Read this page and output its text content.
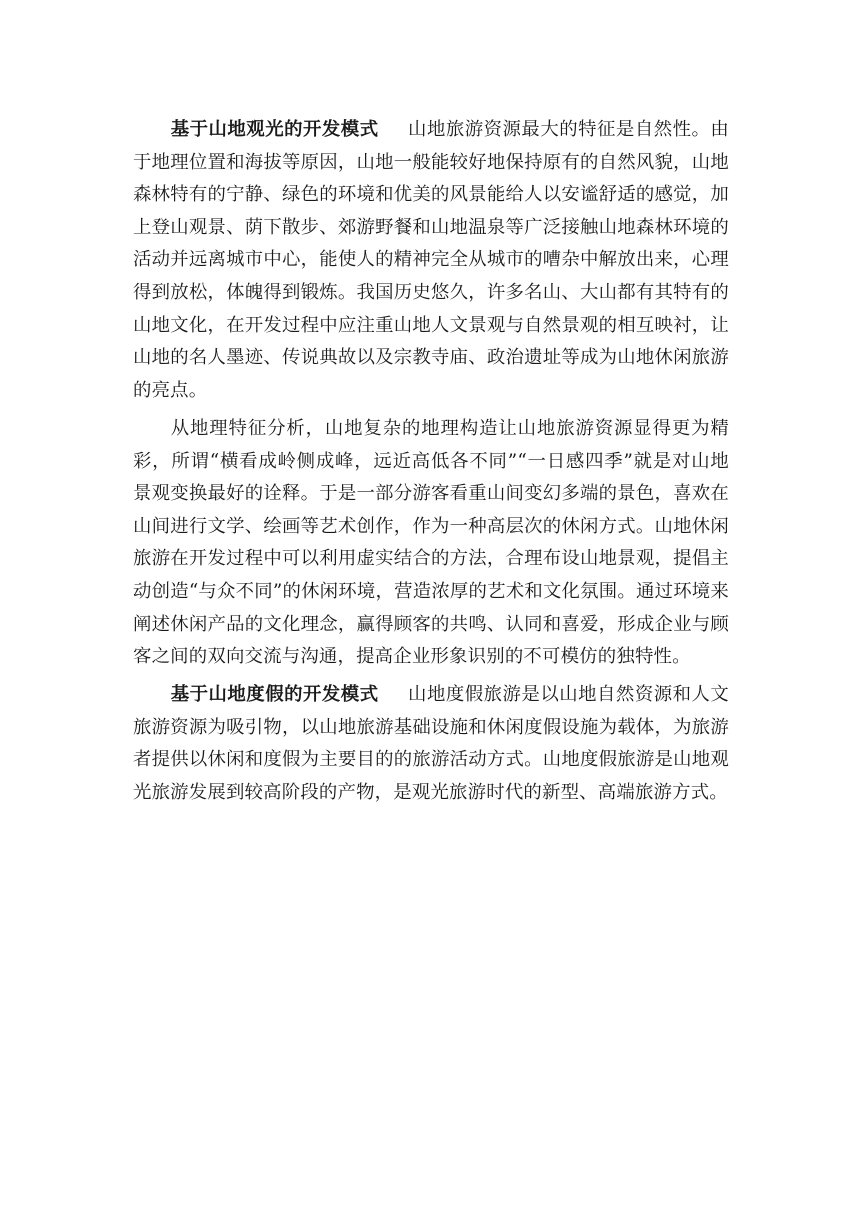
基于山地观光的开发模式 山地旅游资源最大的特征是自然性。由于地理位置和海拔等原因，山地一般能较好地保持原有的自然风貌，山地森林特有的宁静、绿色的环境和优美的风景能给人以安谧舒适的感觉，加上登山观景、荫下散步、郊游野餐和山地温泉等广泛接触山地森林环境的活动并远离城市中心，能使人的精神完全从城市的嘈杂中解放出来，心理得到放松，体魄得到锻炼。我国历史悠久，许多名山、大山都有其特有的山地文化，在开发过程中应注重山地人文景观与自然景观的相互映衬，让山地的名人墨迹、传说典故以及宗教寺庙、政治遗址等成为山地休闲旅游的亮点。

从地理特征分析，山地复杂的地理构造让山地旅游资源显得更为精彩，所谓“横看成岭侧成峰，远近高低各不同”“一日感四季”就是对山地景观变换最好的诠释。于是一部分游客看重山间变幻多端的景色，喜欢在山间进行文学、绘画等艺术创作，作为一种高层次的休闲方式。山地休闲旅游在开发过程中可以利用虚实结合的方法，合理布设山地景观，提倡主动创造“与众不同”的休闲环境，营造浓厚的艺术和文化氛围。通过环境来阐述休闲产品的文化理念，赢得顾客的共鸣、认同和喜爱，形成企业与顾客之间的双向交流与沟通，提高企业形象识别的不可模仿的独特性。

基于山地度假的开发模式 山地度假旅游是以山地自然资源和人文旅游资源为吸引物，以山地旅游基础设施和休闲度假设施为载体，为旅游者提供以休闲和度假为主要目的的旅游活动方式。山地度假旅游是山地观光旅游发展到较高阶段的产物，是观光旅游时代的新型、高端旅游方式。
